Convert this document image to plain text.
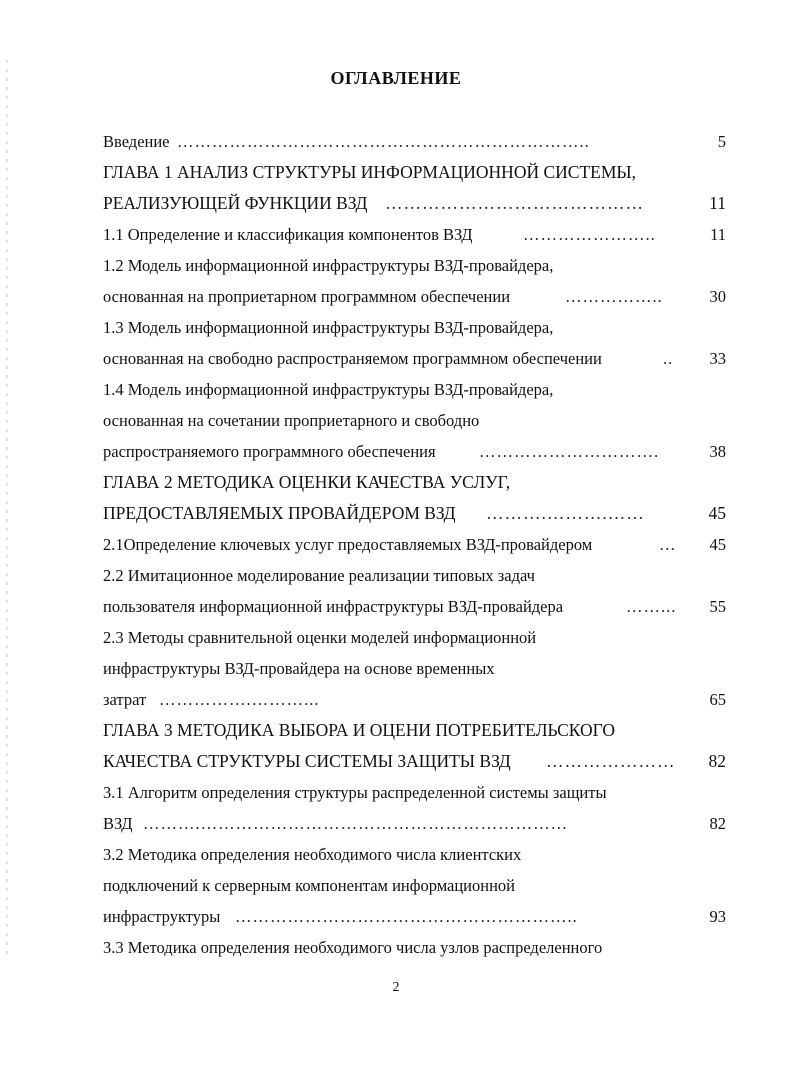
ОГЛАВЛЕНИЕ
Введение ……………………………………………………………..	5
ГЛАВА 1 АНАЛИЗ СТРУКТУРЫ ИНФОРМАЦИОННОЙ СИСТЕМЫ,
РЕАЛИЗУЮЩЕЙ ФУНКЦИИ ВЗД ……………………………………	11
1.1 Определение и классификация компонентов ВЗД	…………………..	11
1.2 Модель информационной инфраструктуры ВЗД-провайдера,
основанная на проприетарном программном обеспечении	……………..	30
1.3 Модель информационной инфраструктуры ВЗД-провайдера,
основанная на свободно распространяемом программном обеспечении	..	33
1.4 Модель информационной инфраструктуры ВЗД-провайдера,
основанная на сочетании проприетарного и свободно
распространяемого программного обеспечения	………………………….	38
ГЛАВА 2 МЕТОДИКА ОЦЕНКИ КАЧЕСТВА УСЛУГ,
ПРЕДОСТАВЛЯЕМЫХ ПРОВАЙДЕРОМ ВЗД ……….……….……	45
2.1Определение ключевых услуг предоставляемых ВЗД-провайдером	… 45
2.2 Имитационное моделирование реализации типовых задач
пользователя информационной инфраструктуры ВЗД-провайдера	……... 55
2.3 Методы сравнительной оценки моделей информационной
инфраструктуры ВЗД-провайдера на основе временных
затрат …………….………...	65
ГЛАВА 3 МЕТОДИКА ВЫБОРА И ОЦЕНИ ПОТРЕБИТЕЛЬСКОГО
КАЧЕСТВА СТРУКТУРЫ СИСТЕМЫ ЗАЩИТЫ ВЗД ………………… 82
3.1 Алгоритм определения структуры распределенной системы защиты
ВЗД ……….………………………………………………………	82
3.2 Методика определения необходимого числа клиентских
подключений к серверным компонентам информационной
инфраструктуры …………………………………………………..	93
3.3 Методика определения необходимого числа узлов распределенного
2
